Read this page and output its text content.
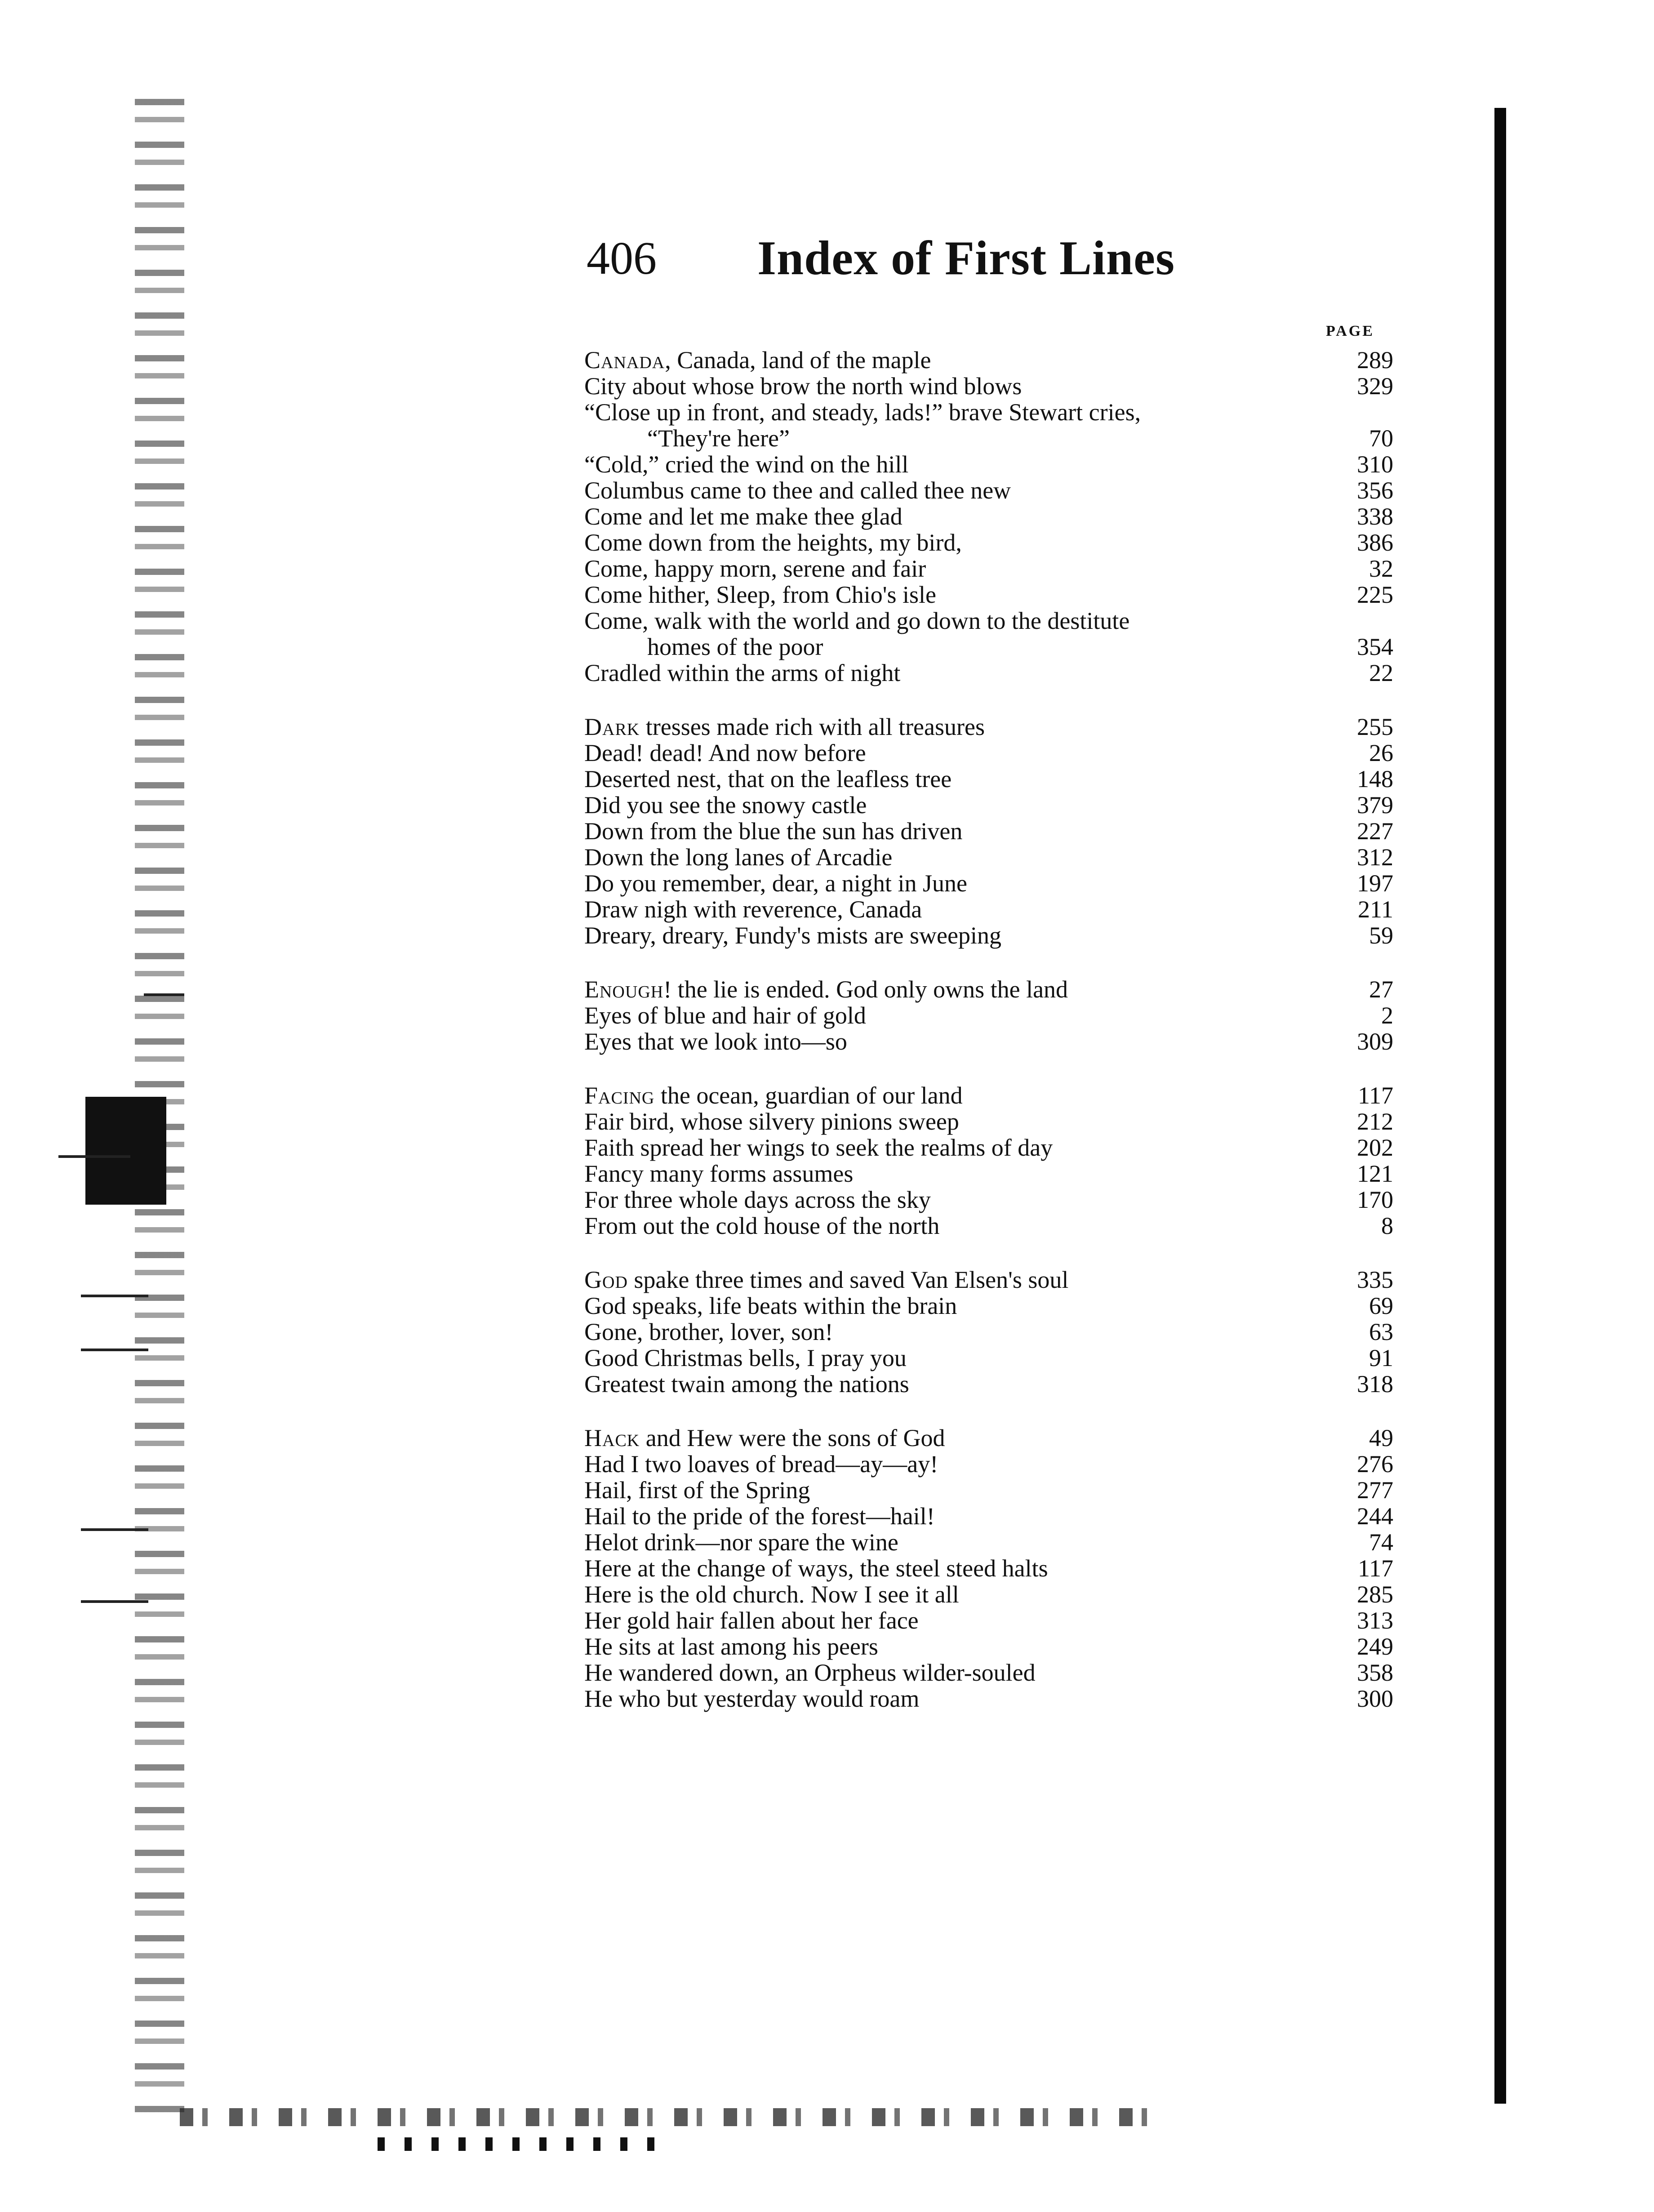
406 Index of First Lines
PAGE
Canada, Canada, land of the maple	289
City about whose brow the north wind blows	329
“Close up in front, and steady, lads!” brave Stewart cries,
“They're here”	70
“Cold,” cried the wind on the hill	310
Columbus came to thee and called thee new	356
Come and let me make thee glad	338
Come down from the heights, my bird,	386
Come, happy morn, serene and fair	32
Come hither, Sleep, from Chio's isle	225
Come, walk with the world and go down to the destitute
homes of the poor	354
Cradled within the arms of night	22
Dark tresses made rich with all treasures	255
Dead! dead! And now before	26
Deserted nest, that on the leafless tree	148
Did you see the snowy castle	379
Down from the blue the sun has driven	227
Down the long lanes of Arcadie	312
Do you remember, dear, a night in June	197
Draw nigh with reverence, Canada	211
Dreary, dreary, Fundy's mists are sweeping	59
Enough! the lie is ended. God only owns the land	27
Eyes of blue and hair of gold	2
Eyes that we look into—so	309
Facing the ocean, guardian of our land	117
Fair bird, whose silvery pinions sweep	212
Faith spread her wings to seek the realms of day	202
Fancy many forms assumes	121
For three whole days across the sky	170
From out the cold house of the north	8
God spake three times and saved Van Elsen's soul	335
God speaks, life beats within the brain	69
Gone, brother, lover, son!	63
Good Christmas bells, I pray you	91
Greatest twain among the nations	318
Hack and Hew were the sons of God	49
Had I two loaves of bread—ay—ay!	276
Hail, first of the Spring	277
Hail to the pride of the forest—hail!	244
Helot drink—nor spare the wine	74
Here at the change of ways, the steel steed halts	117
Here is the old church. Now I see it all	285
Her gold hair fallen about her face	313
He sits at last among his peers	249
He wandered down, an Orpheus wilder-souled	358
He who but yesterday would roam	300
